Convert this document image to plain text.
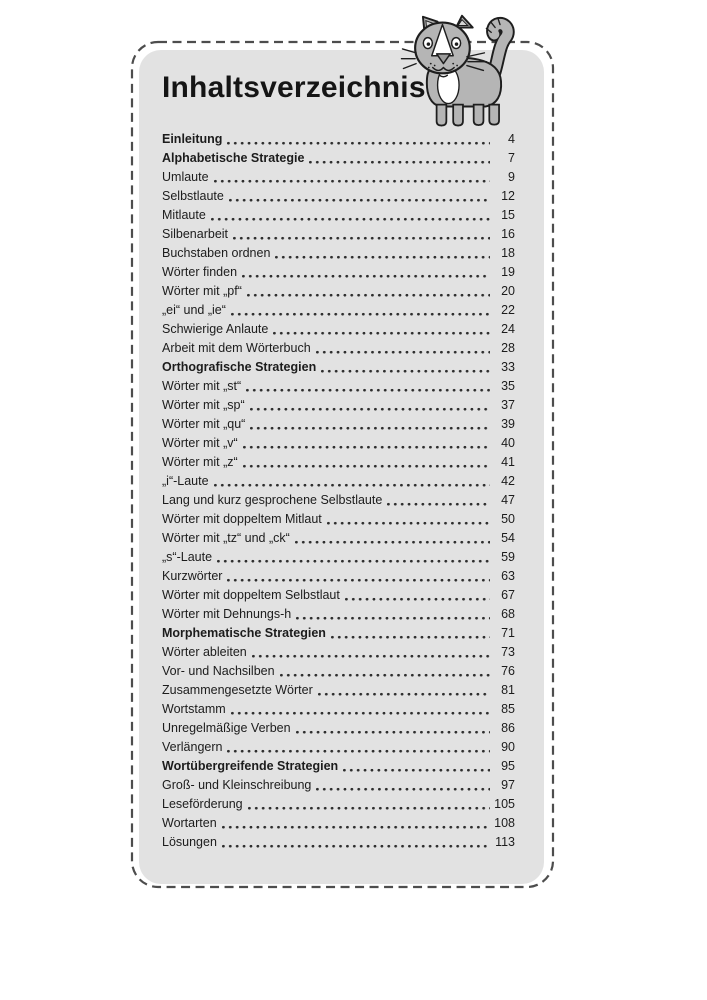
Inhaltsverzeichnis
Einleitung	4
Alphabetische Strategie	7
Umlaute	9
Selbstlaute	12
Mitlaute	15
Silbenarbeit	16
Buchstaben ordnen	18
Wörter finden	19
Wörter mit „pf“	20
„ei“ und „ie“	22
Schwierige Anlaute	24
Arbeit mit dem Wörterbuch	28
Orthografische Strategien	33
Wörter mit „st“	35
Wörter mit „sp“	37
Wörter mit „qu“	39
Wörter mit „v“	40
Wörter mit „z“	41
„i“-Laute	42
Lang und kurz gesprochene Selbstlaute	47
Wörter mit doppeltem Mitlaut	50
Wörter mit „tz“ und „ck“	54
„s“-Laute	59
Kurzwörter	63
Wörter mit doppeltem Selbstlaut	67
Wörter mit Dehnungs-h	68
Morphematische Strategien	71
Wörter ableiten	73
Vor- und Nachsilben	76
Zusammengesetzte Wörter	81
Wortstamm	85
Unregelmäßige Verben	86
Verlängern	90
Wortübergreifende Strategien	95
Groß- und Kleinschreibung	97
Leseförderung	105
Wortarten	108
Lösungen	113
